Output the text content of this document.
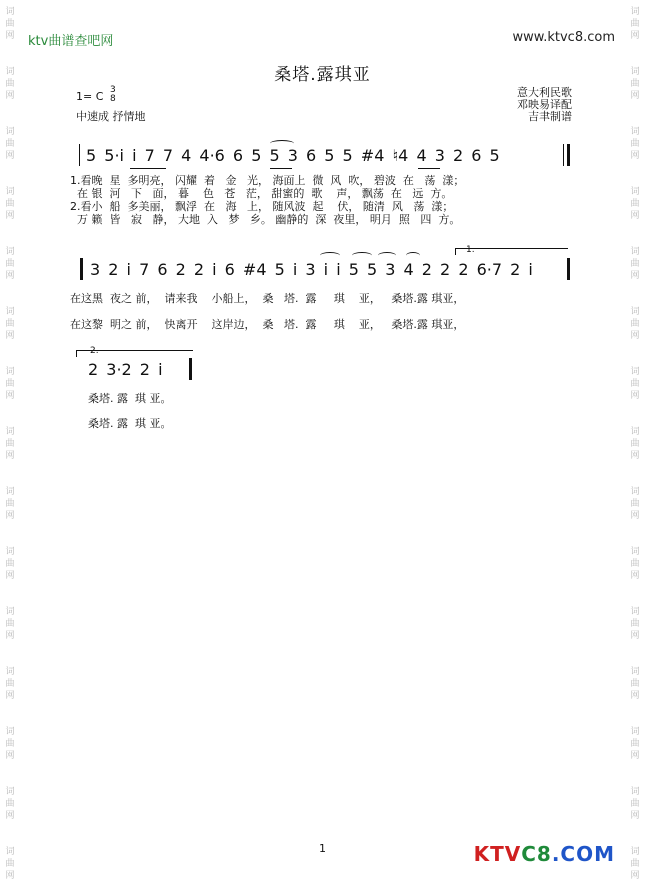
词
曲
网
词
曲
网
词
曲
网
词
曲
网
词
曲
网
词
曲
网
词
曲
网
词
曲
网
词
曲
网
词
曲
网
词
曲
网
词
曲
网
词
曲
网
词
曲
网
词
曲
网
词
曲
网
词
曲
网
词
曲
网
词
曲
网
词
曲
网
词
曲
网
词
曲
网
词
曲
网
词
曲
网
词
曲
网
词
曲
网
词
曲
网
词
曲
网
词
曲
网
词
曲
网
ktv曲谱查吧网	www.ktvc8.com
桑塔.露琪亚
1= C 3
8
中速成 抒情地
意大利民歌
邓映易译配
吉聿制谱
5 5·i i 7 7 4 4·6 6 5 5 3 6 5 5 #4 ♮4 4 3 2 6 5
1.看晚  星  多明亮， 闪耀  着   金   光， 海面上  微  风  吹， 碧波  在   荡  漾；
在 银  河   下   面， 暮    色   苍   茫， 甜蜜的  歌    声， 飘荡  在   远  方。
2.看小  船  多美丽， 飘浮  在   海   上， 随风波  起    伏， 随清  风   荡  漾；
万 籁  皆   寂   静， 大地  入   梦   乡。 幽静的  深  夜里， 明月  照   四  方。
1.
3 2 i 7 6 2 2 i 6 #4 5 i 3 i i 5 5 3 4 2 2 2 6·7 2 i
在这黑  夜之 前，  请来我    小船上，  桑   塔.  露     琪    亚，   桑塔.露 琪亚，
在这黎  明之 前，  快离开    这岸边，  桑   塔.  露     琪    亚，   桑塔.露 琪亚，
2.
2 3·2 2 i
桑塔. 露  琪 亚。
桑塔. 露  琪 亚。
1	KTVC8.COM
